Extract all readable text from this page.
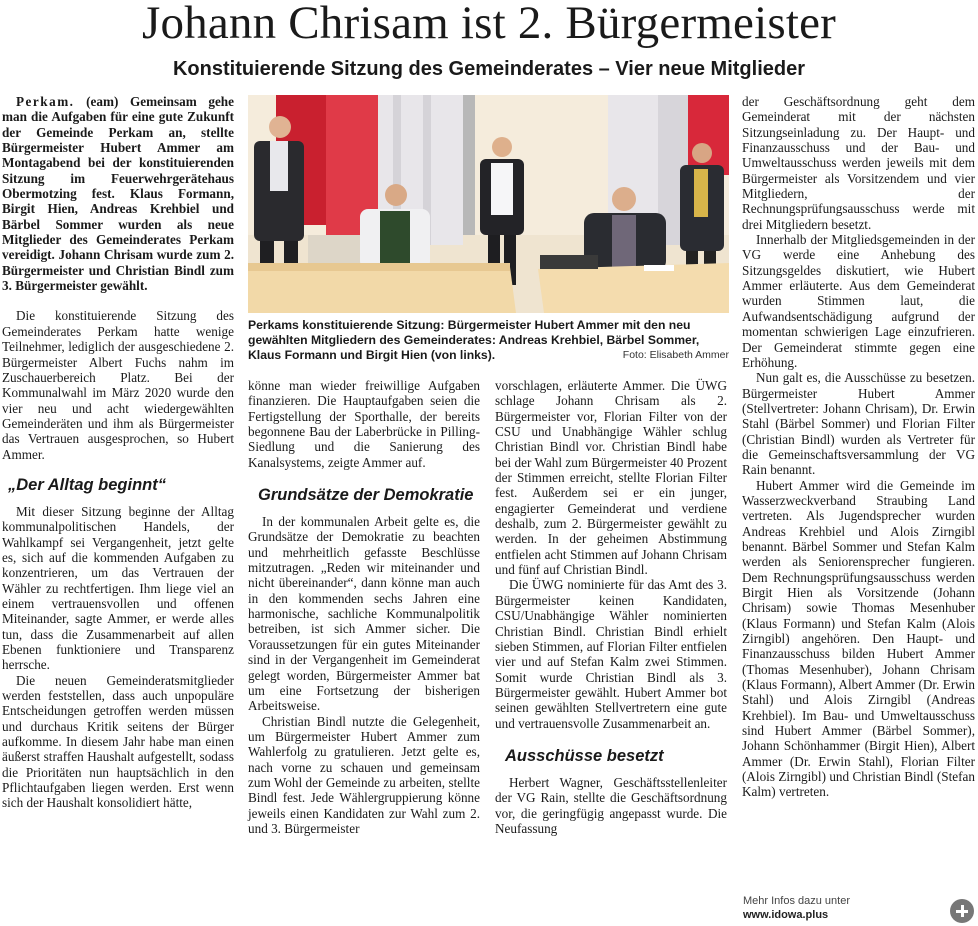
Johann Chrisam ist 2. Bürgermeister
Konstituierende Sitzung des Gemeinderates – Vier neue Mitglieder

Perkam. (eam) Gemeinsam gehe man die Aufgaben für eine gute Zukunft der Gemeinde Perkam an, stellte Bürgermeister Hubert Ammer am Montagabend bei der konstituierenden Sitzung im Feuerwehrgerätehaus Obermotzing fest. Klaus Formann, Birgit Hien, Andreas Krehbiel und Bärbel Sommer wurden als neue Mitglieder des Gemeinderates Perkam vereidigt. Johann Chrisam wurde zum 2. Bürgermeister und Christian Bindl zum 3. Bürgermeister gewählt.

Die konstituierende Sitzung des Gemeinderates Perkam hatte wenige Teilnehmer, lediglich der ausgeschiedene 2. Bürgermeister Albert Fuchs nahm im Zuschauerbereich Platz. Bei der Kommunalwahl im März 2020 wurde den vier neu und acht wiedergewählten Gemeinderäten und ihm als Bürgermeister das Vertrauen ausgesprochen, so Hubert Ammer.

„Der Alltag beginnt“

Mit dieser Sitzung beginne der Alltag kommunalpolitischen Handels, der Wahlkampf sei Vergangenheit, jetzt gelte es, sich auf die kommenden Aufgaben zu konzentrieren, um das Vertrauen der Wähler zu rechtfertigen. Ihm liege viel an einem vertrauensvollen und offenen Miteinander, sagte Ammer, er werde alles tun, dass die Zusammenarbeit auf allen Ebenen funktioniere und Transparenz herrsche.

Die neuen Gemeinderatsmitglieder werden feststellen, dass auch unpopuläre Entscheidungen getroffen werden müssen und durchaus Kritik seitens der Bürger aufkomme. In diesem Jahr habe man einen äußerst straffen Haushalt aufgestellt, sodass die Prioritäten nun hauptsächlich in den Pflichtaufgaben liegen werden. Erst wenn sich der Haushalt konsolidiert hätte,

Perkams konstituierende Sitzung: Bürgermeister Hubert Ammer mit den neu gewählten Mitgliedern des Gemeinderates: Andreas Krehbiel, Bärbel Sommer, Klaus Formann und Birgit Hien (von links).	Foto: Elisabeth Ammer

könne man wieder freiwillige Aufgaben finanzieren. Die Hauptaufgaben seien die Fertigstellung der Sporthalle, der bereits begonnene Bau der Laberbrücke in Pilling-Siedlung und die Sanierung des Kanalsystems, zeigte Ammer auf.

Grundsätze der Demokratie

In der kommunalen Arbeit gelte es, die Grundsätze der Demokratie zu beachten und mehrheitlich gefasste Beschlüsse mitzutragen. „Reden wir miteinander und nicht übereinander“, dann könne man auch in den kommenden sechs Jahren eine harmonische, sachliche Kommunalpolitik betreiben, ist sich Ammer sicher. Die Voraussetzungen für ein gutes Miteinander sind in der Vergangenheit im Gemeinderat gelegt worden, Bürgermeister Ammer bat um eine Fortsetzung der bisherigen Arbeitsweise.

Christian Bindl nutzte die Gelegenheit, um Bürgermeister Hubert Ammer zum Wahlerfolg zu gratulieren. Jetzt gelte es, nach vorne zu schauen und gemeinsam zum Wohl der Gemeinde zu arbeiten, stellte Bindl fest. Jede Wählergruppierung könne jeweils einen Kandidaten zur Wahl zum 2. und 3. Bürgermeister

vorschlagen, erläuterte Ammer. Die ÜWG schlage Johann Chrisam als 2. Bürgermeister vor, Florian Filter von der CSU und Unabhängige Wähler schlug Christian Bindl vor. Christian Bindl habe bei der Wahl zum Bürgermeister 40 Prozent der Stimmen erreicht, stellte Florian Filter fest. Außerdem sei er ein junger, engagierter Gemeinderat und verdiene deshalb, zum 2. Bürgermeister gewählt zu werden. In der geheimen Abstimmung entfielen acht Stimmen auf Johann Chrisam und fünf auf Christian Bindl.

Die ÜWG nominierte für das Amt des 3. Bürgermeister keinen Kandidaten, CSU/Unabhängige Wähler nominierten Christian Bindl. Christian Bindl erhielt sieben Stimmen, auf Florian Filter entfielen vier und auf Stefan Kalm zwei Stimmen. Somit wurde Christian Bindl als 3. Bürgermeister gewählt. Hubert Ammer bot seinen gewählten Stellvertretern eine gute und vertrauensvolle Zusammenarbeit an.

Ausschüsse besetzt

Herbert Wagner, Geschäftsstellenleiter der VG Rain, stellte die Geschäftsordnung vor, die geringfügig angepasst wurde. Die Neufassung

der Geschäftsordnung geht dem Gemeinderat mit der nächsten Sitzungseinladung zu. Der Haupt- und Finanzausschuss und der Bau- und Umweltausschuss werden jeweils mit dem Bürgermeister als Vorsitzendem und vier Mitgliedern, der Rechnungsprüfungsausschuss werde mit drei Mitgliedern besetzt.

Innerhalb der Mitgliedsgemeinden in der VG werde eine Anhebung des Sitzungsgeldes diskutiert, wie Hubert Ammer erläuterte. Aus dem Gemeinderat wurden Stimmen laut, die Aufwandsentschädigung aufgrund der momentan schwierigen Lage einzufrieren. Der Gemeinderat stimmte gegen eine Erhöhung.

Nun galt es, die Ausschüsse zu besetzen. Bürgermeister Hubert Ammer (Stellvertreter: Johann Chrisam), Dr. Erwin Stahl (Bärbel Sommer) und Florian Filter (Christian Bindl) wurden als Vertreter für die Gemeinschaftsversammlung der VG Rain benannt.

Hubert Ammer wird die Gemeinde im Wasserzweckverband Straubing Land vertreten. Als Jugendsprecher wurden Andreas Krehbiel und Alois Zirngibl benannt. Bärbel Sommer und Stefan Kalm werden als Seniorensprecher fungieren. Dem Rechnungsprüfungsausschuss werden Birgit Hien als Vorsitzende (Johann Chrisam) sowie Thomas Mesenhuber (Klaus Formann) und Stefan Kalm (Alois Zirngibl) angehören. Den Haupt- und Finanzausschuss bilden Hubert Ammer (Thomas Mesenhuber), Johann Chrisam (Klaus Formann), Albert Ammer (Dr. Erwin Stahl) und Alois Zirngibl (Andreas Krehbiel). Im Bau- und Umweltausschuss sind Hubert Ammer (Bärbel Sommer), Johann Schönhammer (Birgit Hien), Albert Ammer (Dr. Erwin Stahl), Florian Filter (Alois Zirngibl) und Christian Bindl (Stefan Kalm) vertreten.

Mehr Infos dazu unter
www.idowa.plus
